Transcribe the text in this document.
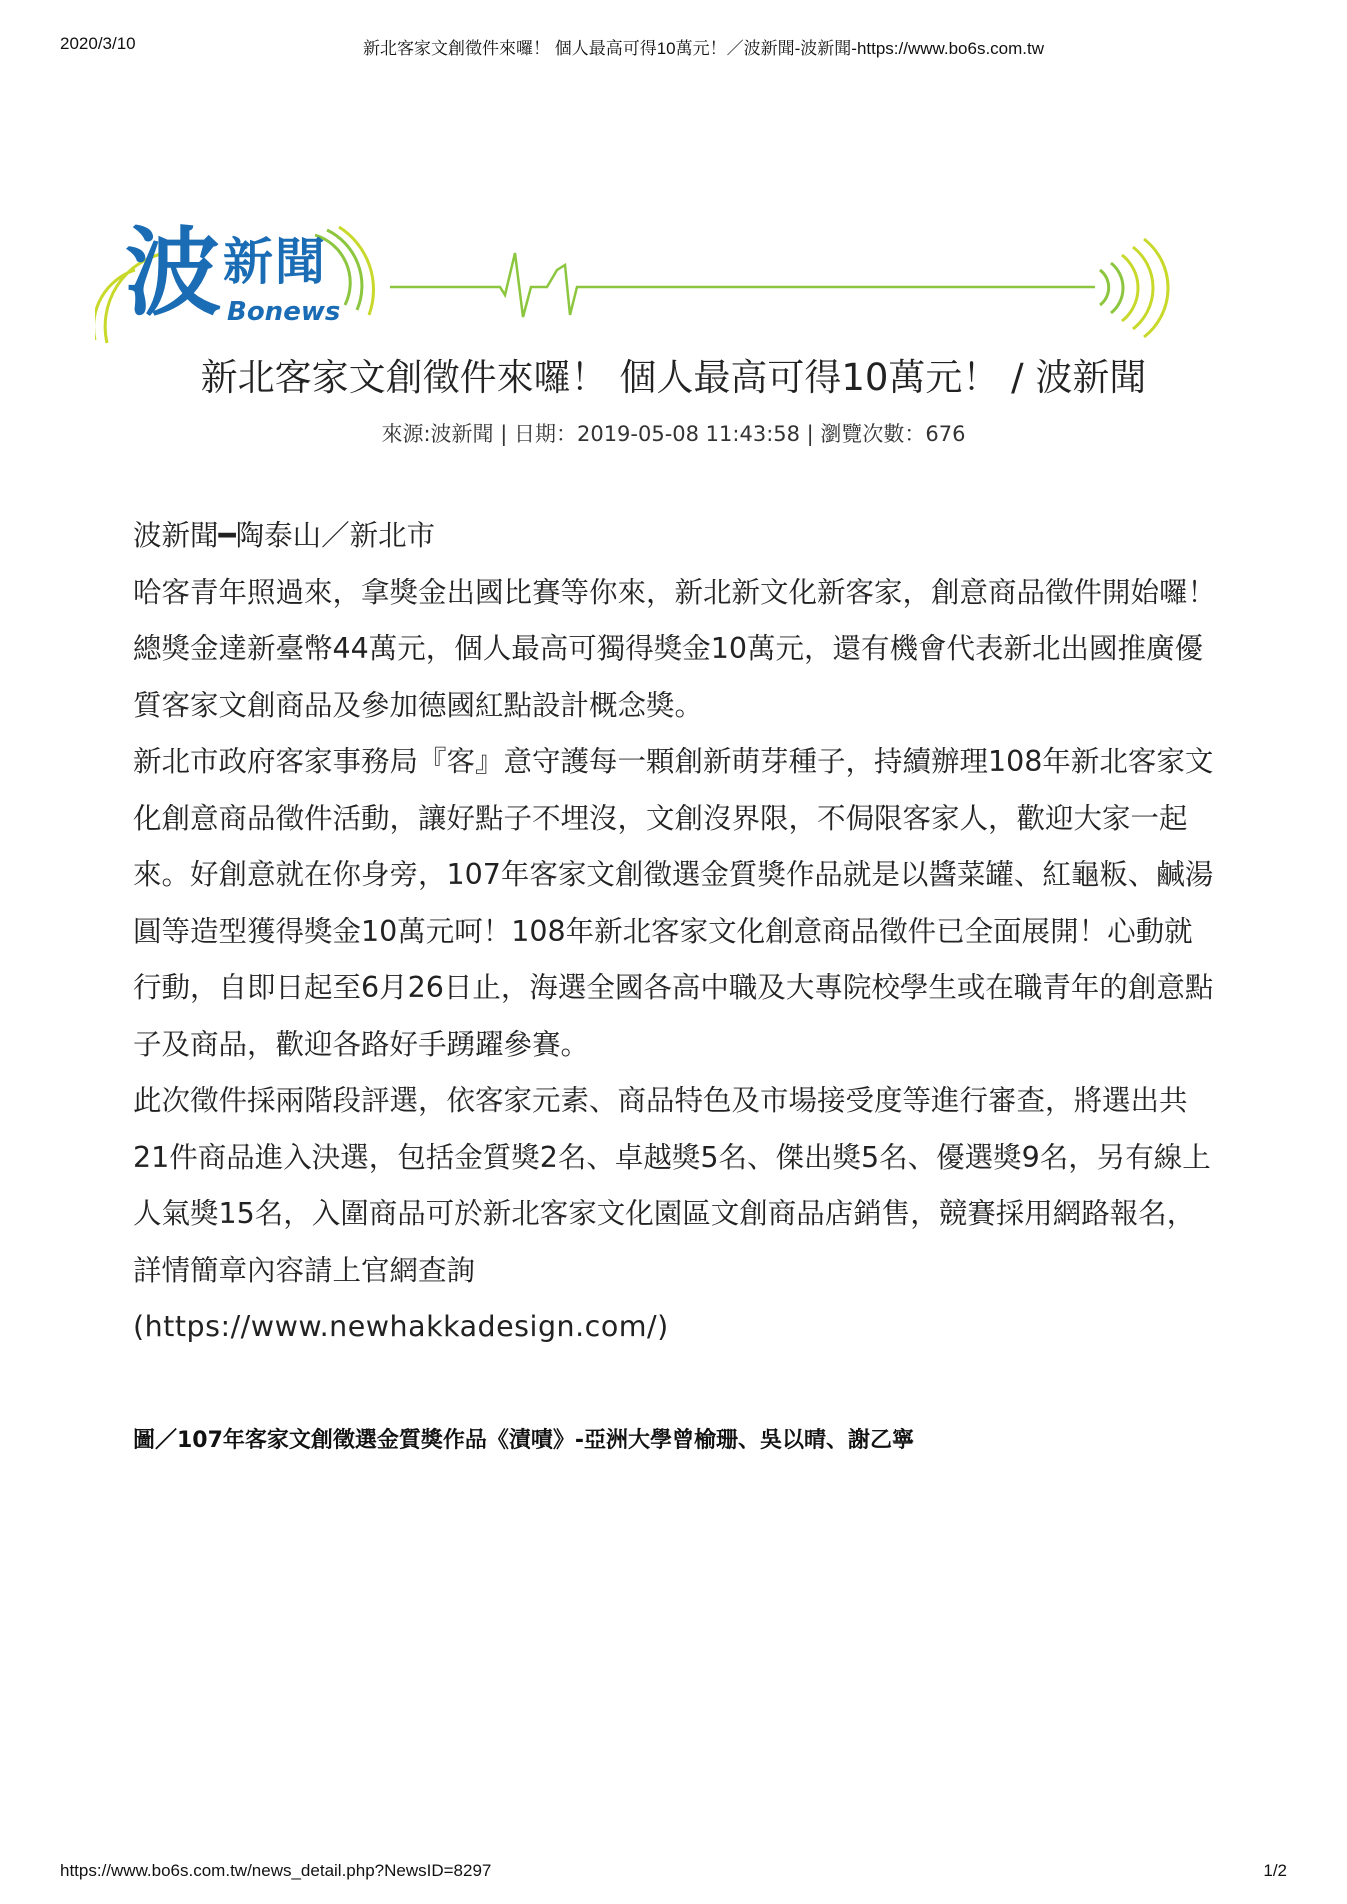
2020/3/10	新北客家文創徵件來囉！ 個人最高可得10萬元！／波新聞-波新聞-https://www.bo6s.com.tw
波 新聞
Bonews
新北客家文創徵件來囉！ 個人最高可得10萬元！ / 波新聞
來源:波新聞 | 日期：2019-05-08 11:43:58 | 瀏覽次數：676

波新聞━陶泰山／新北市

哈客青年照過來，拿獎金出國比賽等你來，新北新文化新客家，創意商品徵件開始囉！總獎金達新臺幣44萬元，個人最高可獨得獎金10萬元，還有機會代表新北出國推廣優質客家文創商品及參加德國紅點設計概念獎。

新北市政府客家事務局『客』意守護每一顆創新萌芽種子，持續辦理108年新北客家文化創意商品徵件活動，讓好點子不埋沒，文創沒界限，不侷限客家人，歡迎大家一起來。好創意就在你身旁，107年客家文創徵選金質獎作品就是以醬菜罐、紅龜粄、鹹湯圓等造型獲得獎金10萬元呵！108年新北客家文化創意商品徵件已全面展開！心動就行動，自即日起至6月26日止，海選全國各高中職及大專院校學生或在職青年的創意點子及商品，歡迎各路好手踴躍參賽。

此次徵件採兩階段評選，依客家元素、商品特色及市場接受度等進行審查，將選出共21件商品進入決選，包括金質獎2名、卓越獎5名、傑出獎5名、優選獎9名，另有線上人氣獎15名，入圍商品可於新北客家文化園區文創商品店銷售，競賽採用網路報名，詳情簡章內容請上官網查詢

(https://www.newhakkadesign.com/)

圖／107年客家文創徵選金質獎作品《漬嘖》-亞洲大學曾榆珊、吳以晴、謝乙寧
https://www.bo6s.com.tw/news_detail.php?NewsID=8297	1/2
